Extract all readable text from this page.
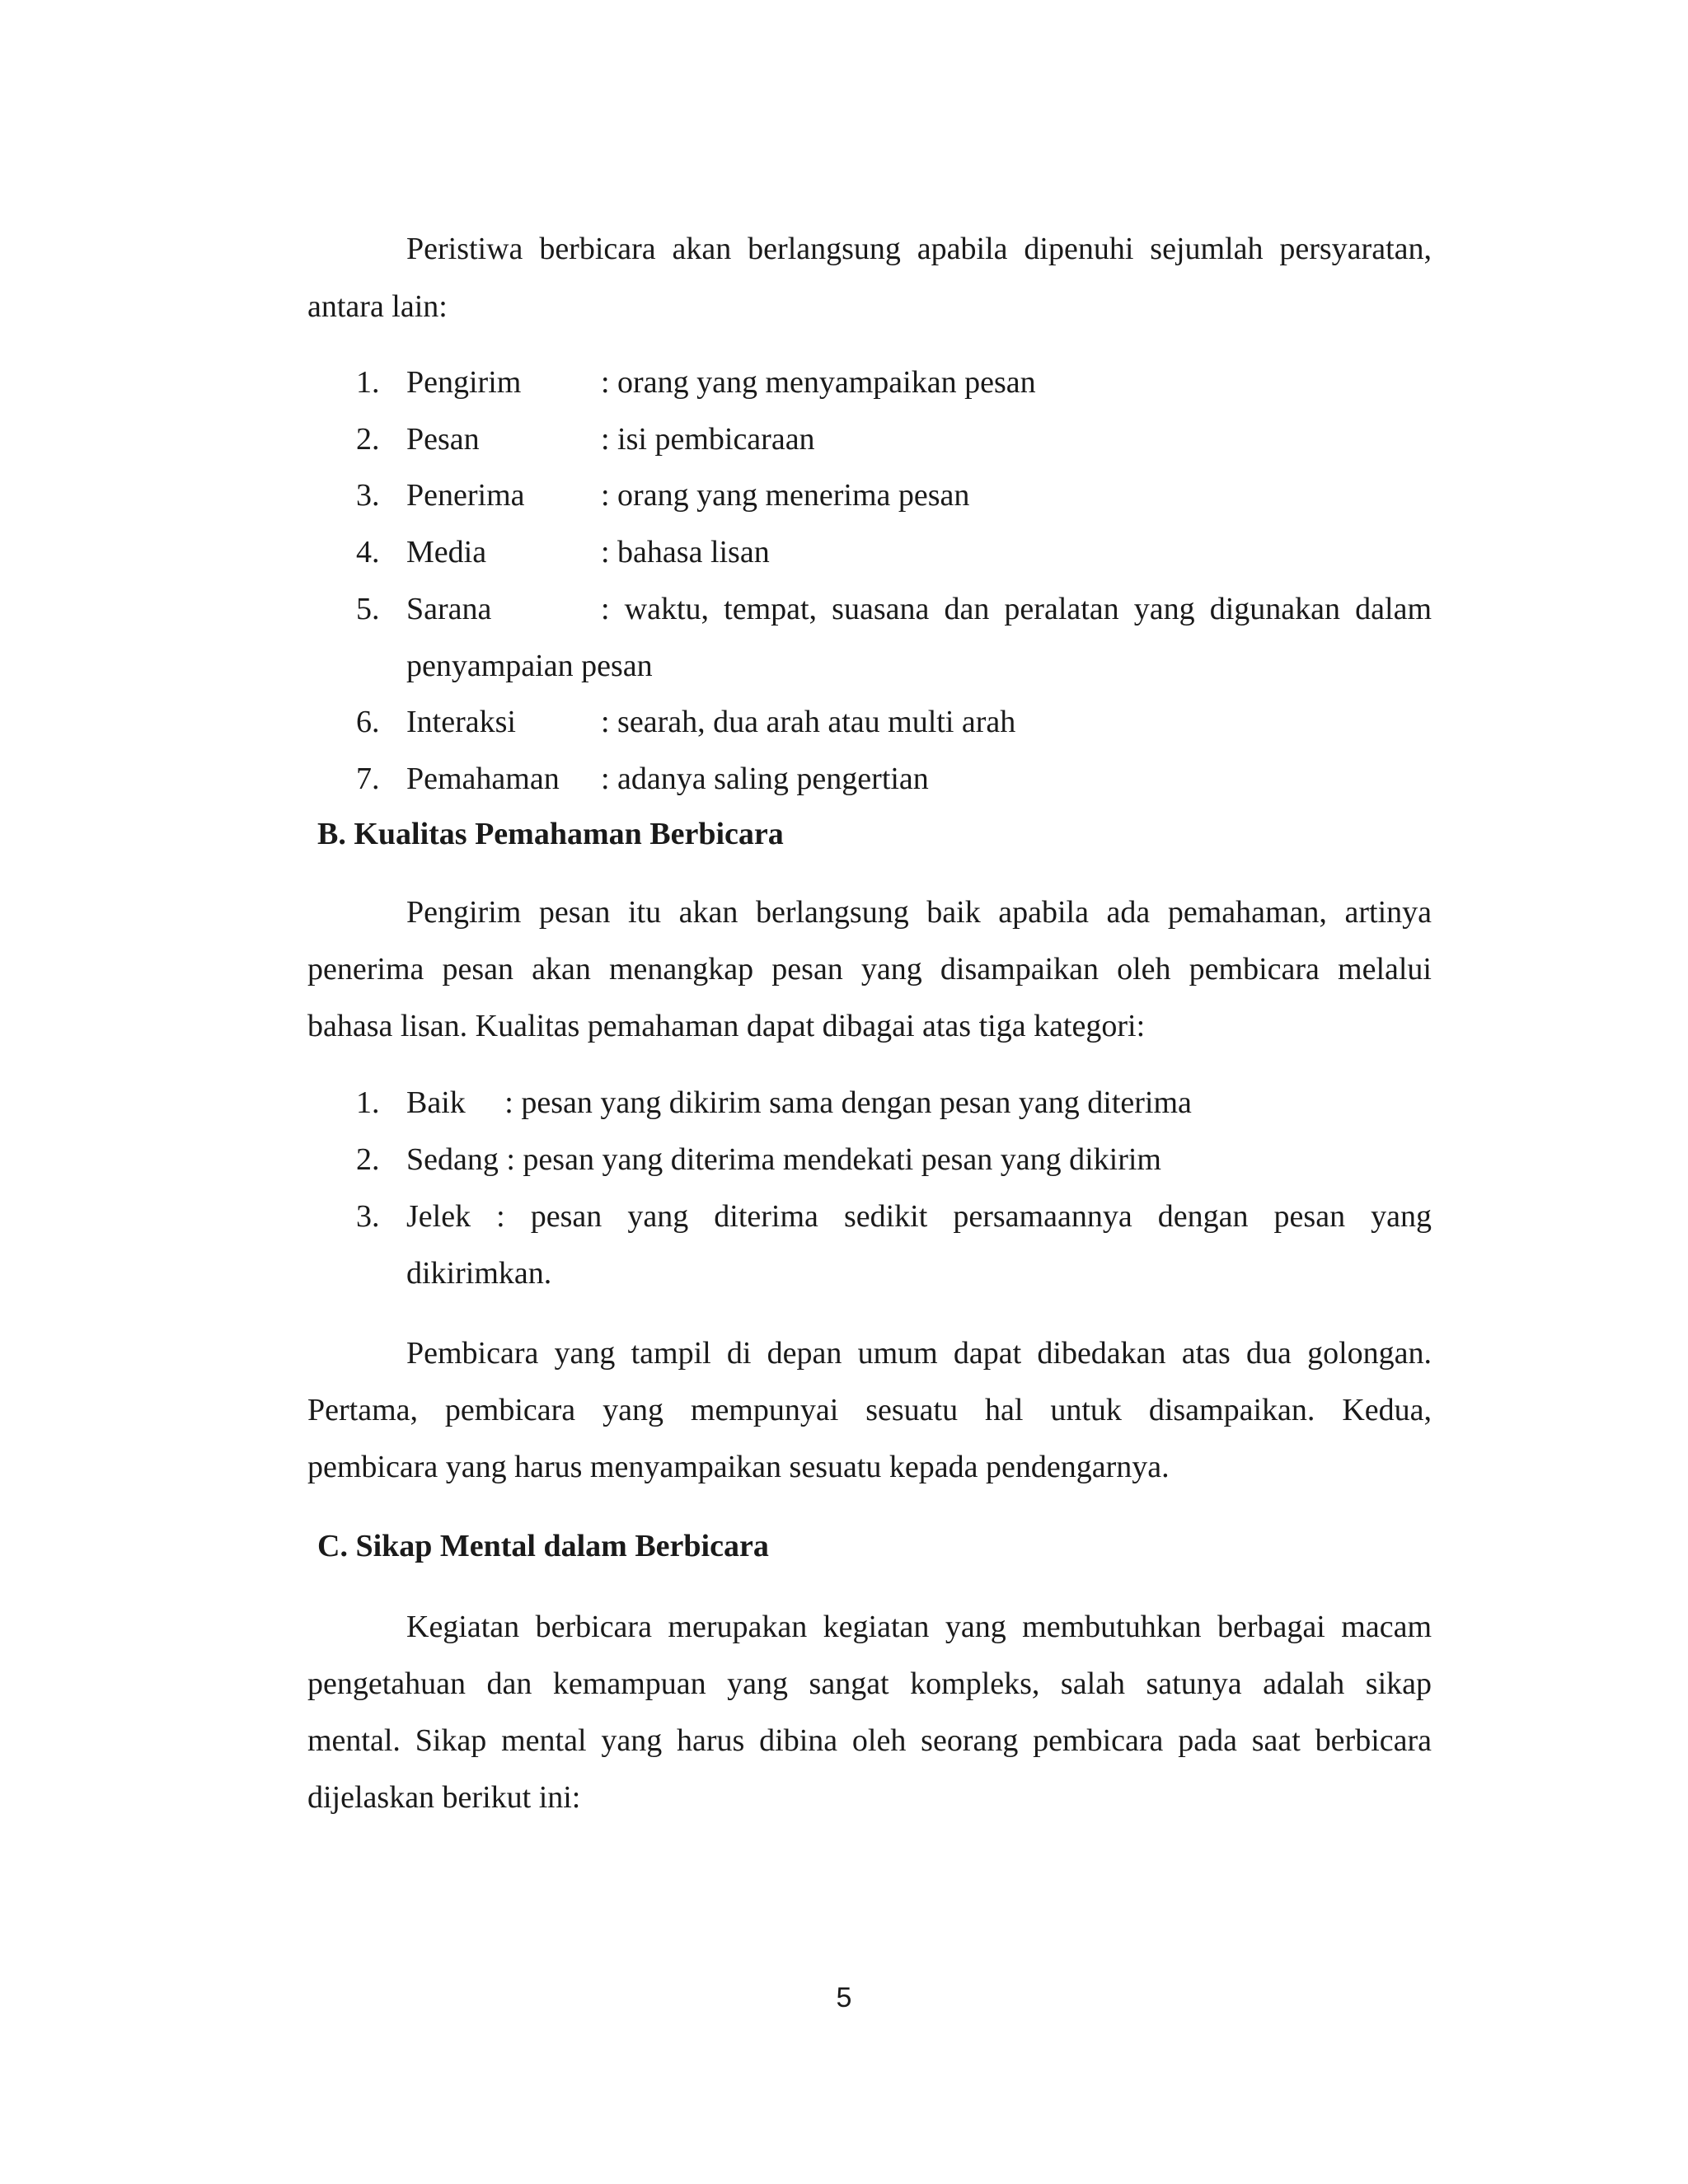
Peristiwa berbicara akan berlangsung apabila dipenuhi sejumlah persyaratan,
antara lain:
1. Pengirim	: orang yang menyampaikan pesan
2. Pesan	: isi pembicaraan
3. Penerima : orang yang menerima pesan
4. Media	: bahasa lisan
5. Sarana	: waktu, tempat, suasana dan peralatan yang digunakan dalam
penyampaian pesan
6. Interaksi	: searah, dua arah atau multi arah
7. Pemahaman : adanya saling pengertian
B. Kualitas Pemahaman Berbicara
Pengirim pesan itu akan berlangsung baik apabila ada pemahaman, artinya
penerima pesan akan menangkap pesan yang disampaikan oleh pembicara melalui
bahasa lisan. Kualitas pemahaman dapat dibagai atas tiga kategori:
1. Baik     : pesan yang dikirim sama dengan pesan yang diterima
2. Sedang : pesan yang diterima mendekati pesan yang dikirim
3. Jelek : pesan yang diterima sedikit persamaannya dengan pesan yang
dikirimkan.
Pembicara yang tampil di depan umum dapat dibedakan atas dua golongan.
Pertama, pembicara yang mempunyai sesuatu hal untuk disampaikan. Kedua,
pembicara yang harus menyampaikan sesuatu kepada pendengarnya.
C. Sikap Mental dalam Berbicara
Kegiatan berbicara merupakan kegiatan yang membutuhkan berbagai macam
pengetahuan dan kemampuan yang sangat kompleks, salah satunya adalah sikap
mental. Sikap mental yang harus dibina oleh seorang pembicara pada saat berbicara
dijelaskan berikut ini:
5
